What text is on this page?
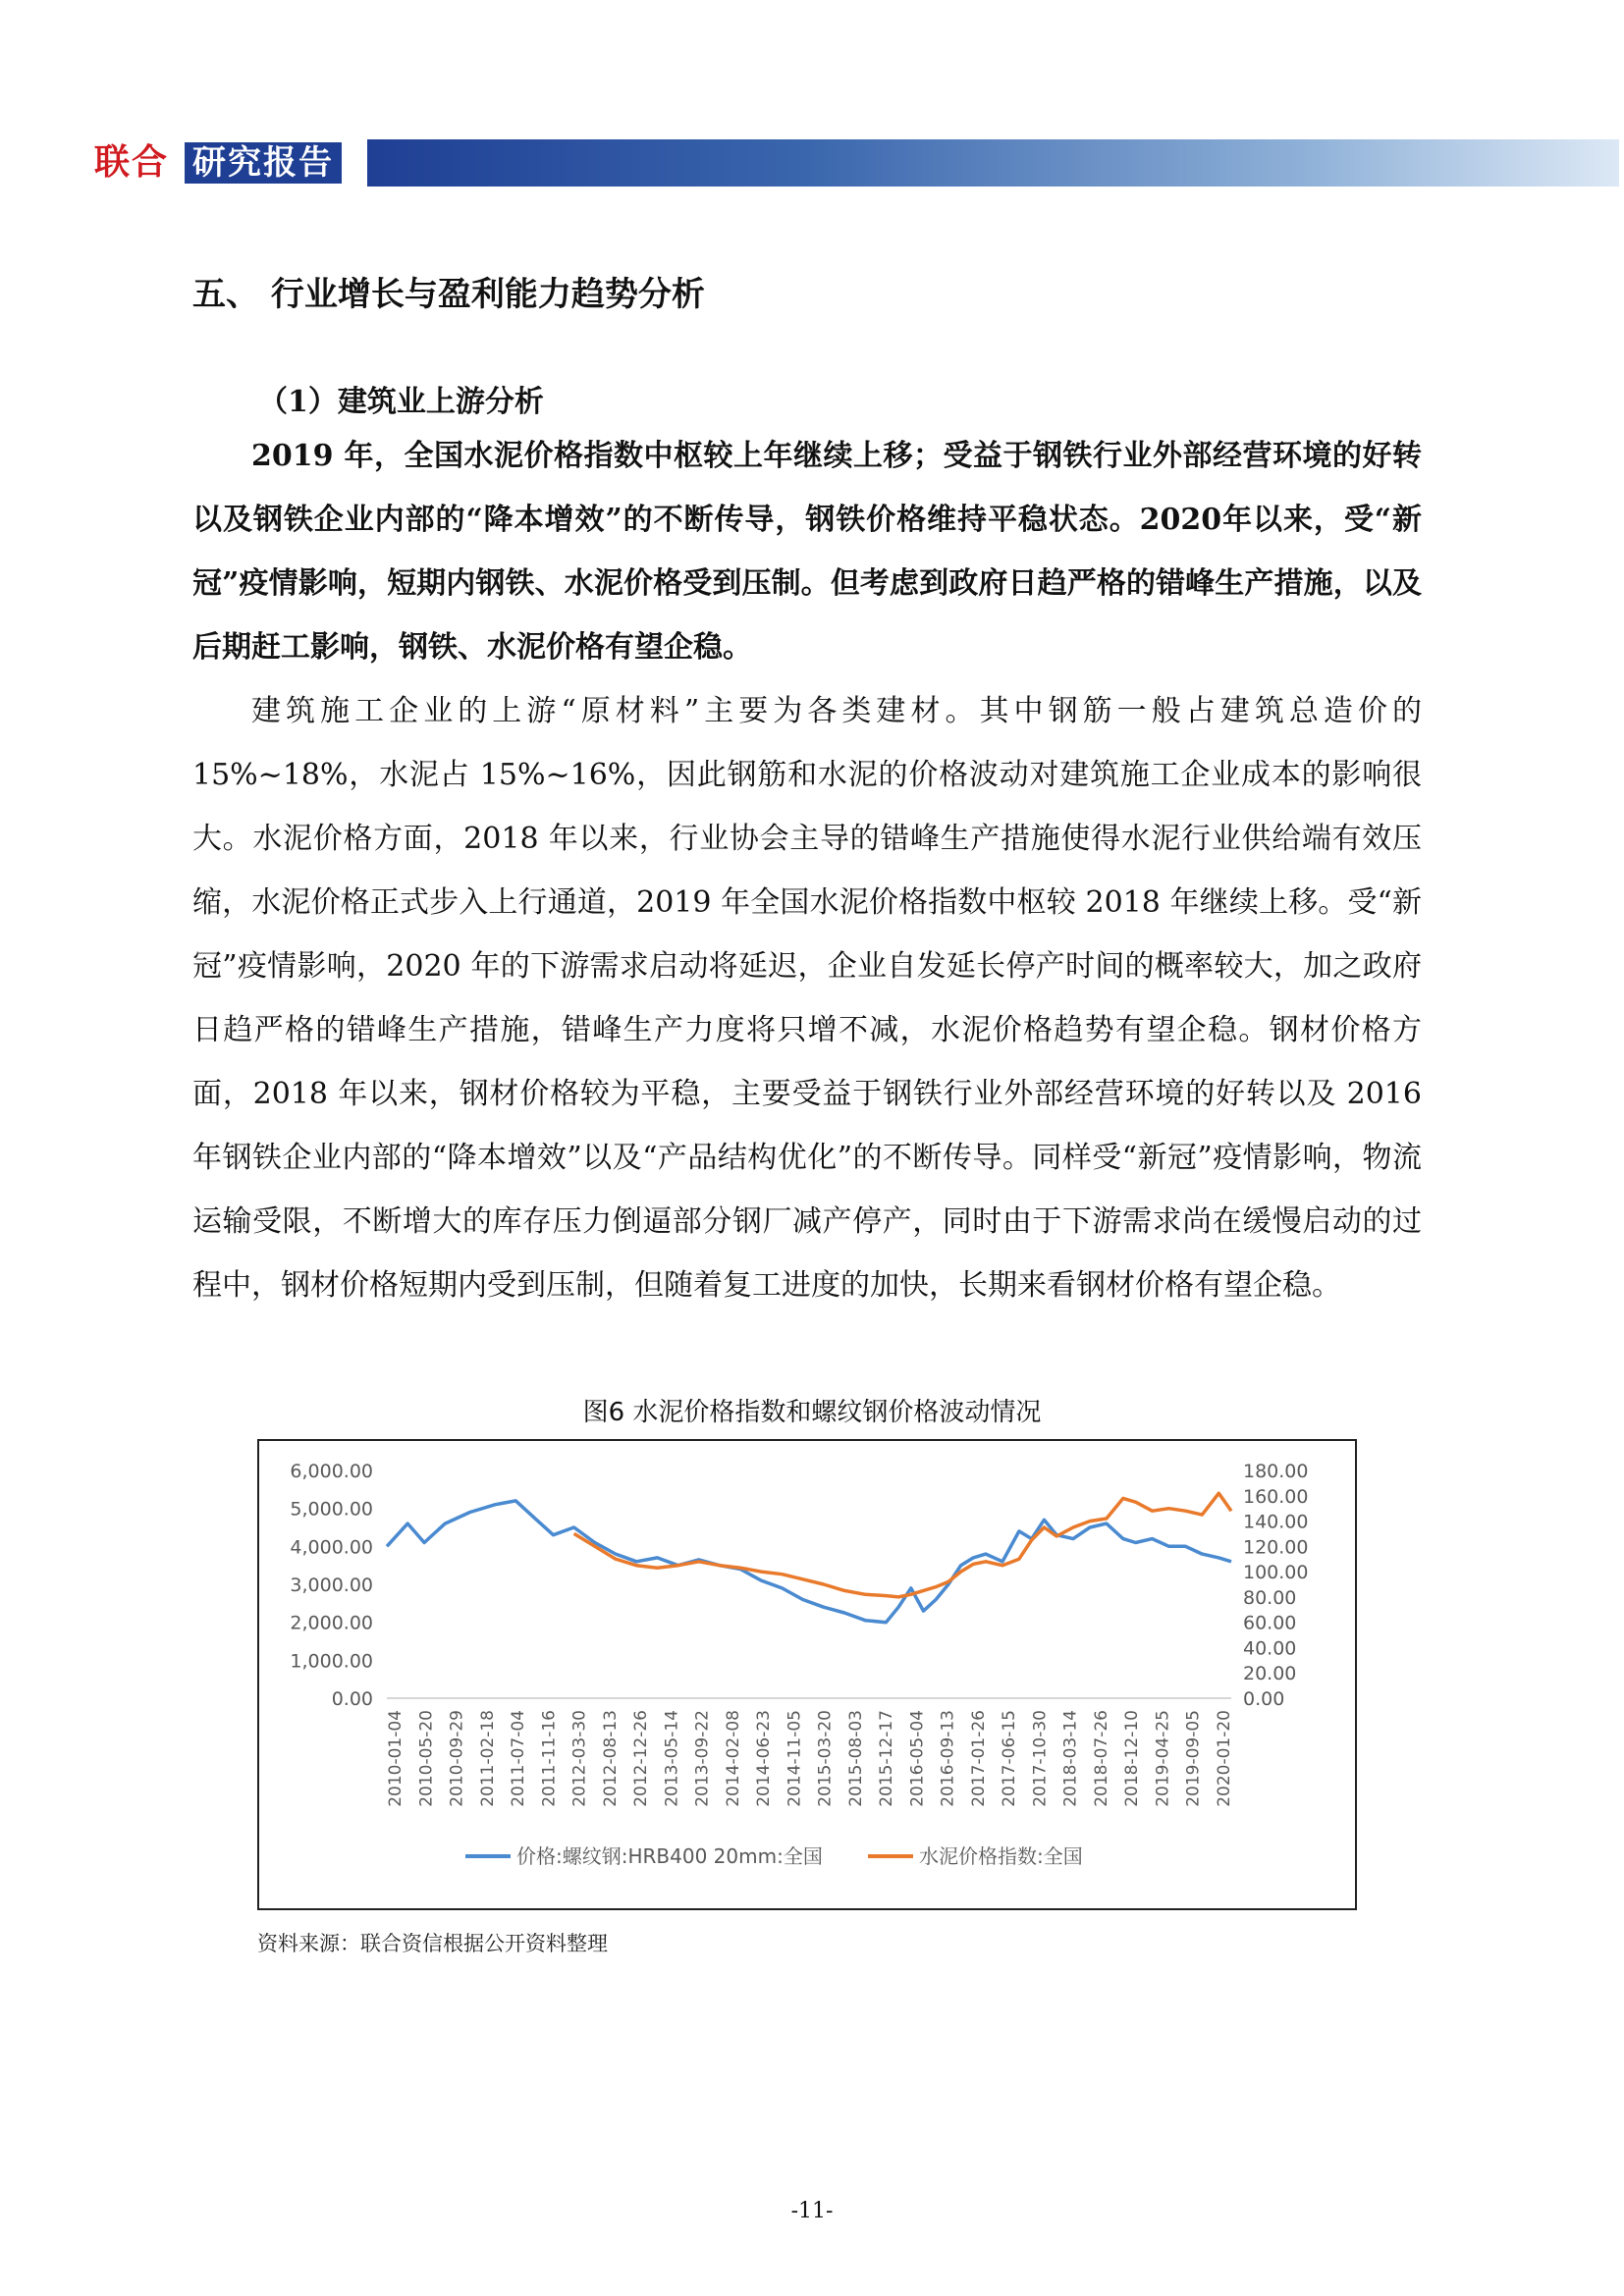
联合 研究报告
五、 行业增长与盈利能力趋势分析
（1）建筑业上游分析

2019 年，全国水泥价格指数中枢较上年继续上移；受益于钢铁行业外部经营环境的好转以及钢铁企业内部的“降本增效”的不断传导，钢铁价格维持平稳状态。2020年以来，受“新冠”疫情影响，短期内钢铁、水泥价格受到压制。但考虑到政府日趋严格的错峰生产措施，以及后期赶工影响，钢铁、水泥价格有望企稳。

建筑施工企业的上游“原材料”主要为各类建材。其中钢筋一般占建筑总造价的15%~18%，水泥占 15%~16%，因此钢筋和水泥的价格波动对建筑施工企业成本的影响很大。水泥价格方面，2018 年以来，行业协会主导的错峰生产措施使得水泥行业供给端有效压缩，水泥价格正式步入上行通道，2019 年全国水泥价格指数中枢较 2018 年继续上移。受“新冠”疫情影响，2020 年的下游需求启动将延迟，企业自发延长停产时间的概率较大，加之政府日趋严格的错峰生产措施，错峰生产力度将只增不减，水泥价格趋势有望企稳。钢材价格方面，2018 年以来，钢材价格较为平稳，主要受益于钢铁行业外部经营环境的好转以及 2016 年钢铁企业内部的“降本增效”以及“产品结构优化”的不断传导。同样受“新冠”疫情影响，物流运输受限，不断增大的库存压力倒逼部分钢厂减产停产，同时由于下游需求尚在缓慢启动的过程中，钢材价格短期内受到压制，但随着复工进度的加快，长期来看钢材价格有望企稳。

图6 水泥价格指数和螺纹钢价格波动情况
6,000.00
5,000.00
4,000.00
3,000.00
2,000.00
1,000.00
0.00
180.00
160.00
140.00
120.00
100.00
80.00
60.00
40.00
20.00
0.00
2010-01-04 2010-05-20 2010-09-29 2011-02-18 2011-07-04 2011-11-16 2012-03-30 2012-08-13 2012-12-26 2013-05-14 2013-09-22 2014-02-08 2014-06-23 2014-11-05 2015-03-20 2015-08-03 2015-12-17 2016-05-04 2016-09-13 2017-01-26 2017-06-15 2017-10-30 2018-03-14 2018-07-26 2018-12-10 2019-04-25 2019-09-05 2020-01-20
价格:螺纹钢:HRB400 20mm:全国	水泥价格指数:全国
资料来源：联合资信根据公开资料整理
-11-
